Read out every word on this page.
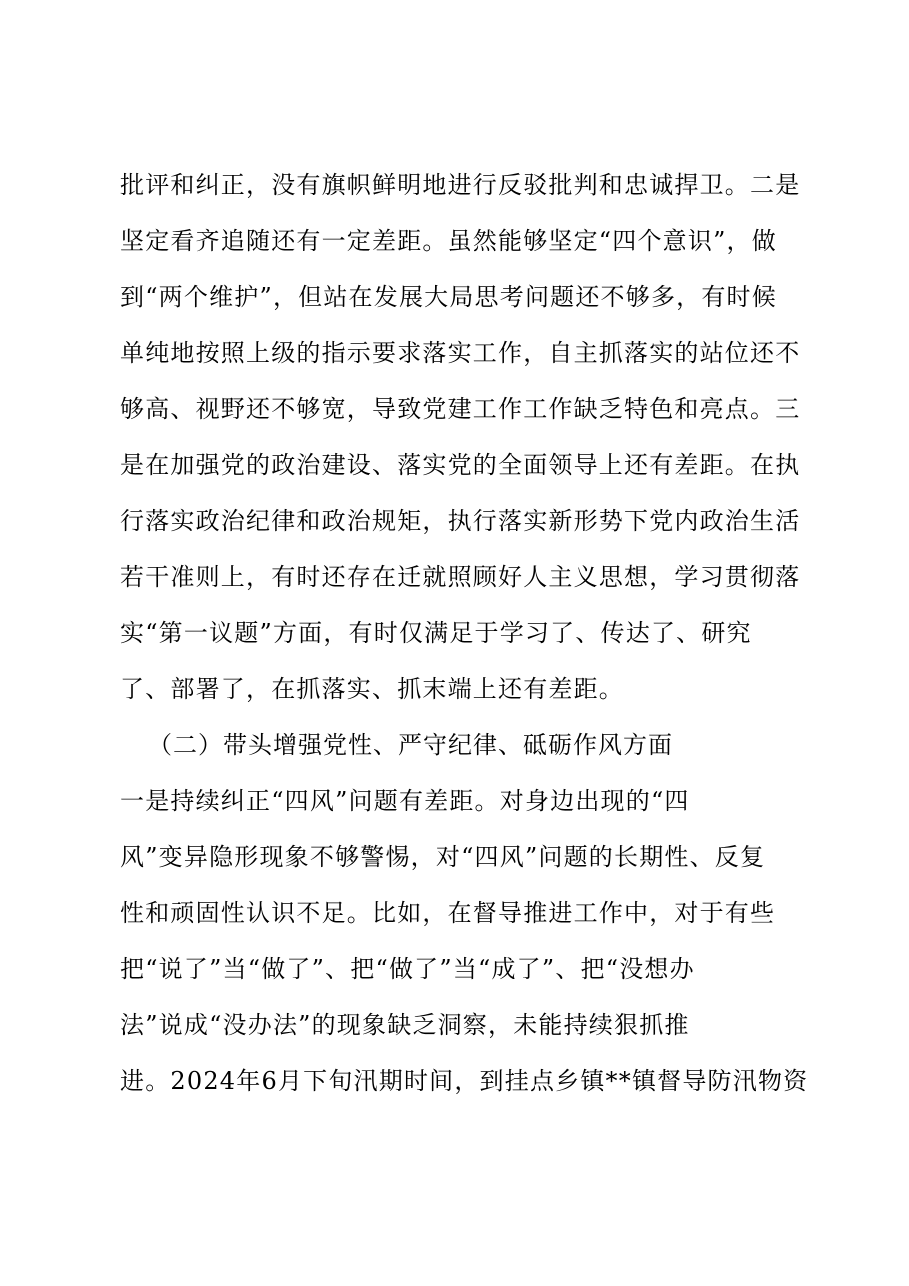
批评和纠正，没有旗帜鲜明地进行反驳批判和忠诚捍卫。二是
坚定看齐追随还有一定差距。虽然能够坚定“四个意识”，做
到“两个维护”，但站在发展大局思考问题还不够多，有时候
单纯地按照上级的指示要求落实工作，自主抓落实的站位还不
够高、视野还不够宽，导致党建工作工作缺乏特色和亮点。三
是在加强党的政治建设、落实党的全面领导上还有差距。在执
行落实政治纪律和政治规矩，执行落实新形势下党内政治生活
若干准则上，有时还存在迁就照顾好人主义思想，学习贯彻落
实“第一议题”方面，有时仅满足于学习了、传达了、研究
了、部署了，在抓落实、抓末端上还有差距。
（二）带头增强党性、严守纪律、砥砺作风方面
一是持续纠正“四风”问题有差距。对身边出现的“四
风”变异隐形现象不够警惕，对“四风”问题的长期性、反复
性和顽固性认识不足。比如，在督导推进工作中，对于有些
把“说了”当“做了”、把“做了”当“成了”、把“没想办
法”说成“没办法”的现象缺乏洞察，未能持续狠抓推
进。2024年6月下旬汛期时间，到挂点乡镇**镇督导防汛物资
